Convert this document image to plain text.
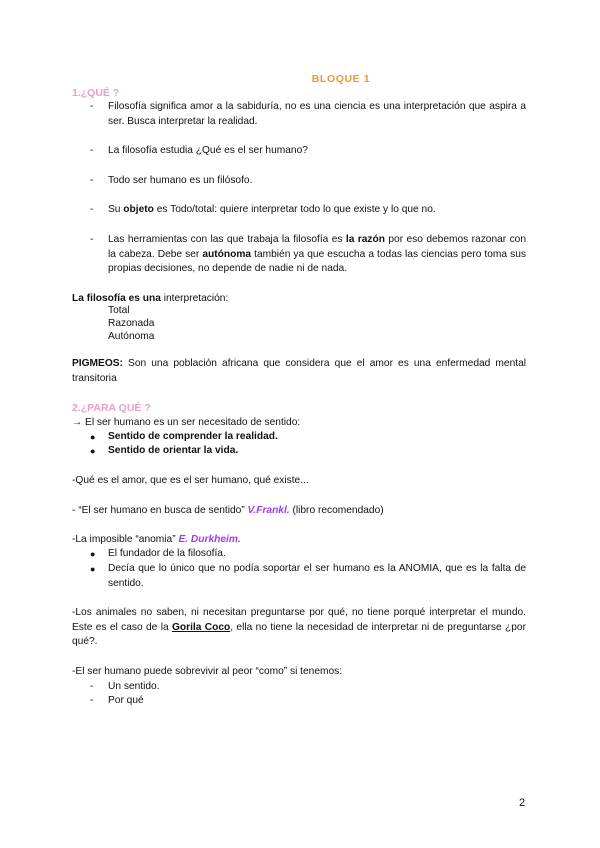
BLOQUE 1
1.¿QUÉ ?
- Filosofía significa amor a la sabiduría, no es una ciencia es una interpretación que aspira a ser. Busca interpretar la realidad.
- La filosofía estudia ¿Qué es el ser humano?
- Todo ser humano es un filósofo.
- Su objeto es Todo/total: quiere interpretar todo lo que existe y lo que no.
- Las herramientas con las que trabaja la filosofía es la razón por eso debemos razonar con la cabeza. Debe ser autónoma también ya que escucha a todas las ciencias pero toma sus propias decisiones, no depende de nadie ni de nada.
La filosofía es una interpretación:
Total
Razonada
Autónoma
PIGMEOS: Son una población africana que considera que el amor es una enfermedad mental transitoria
2.¿PARA QUÉ ?
→ El ser humano es un ser necesitado de sentido:
● Sentido de comprender la realidad.
● Sentido de orientar la vida.
-Qué es el amor, que es el ser humano, qué existe...
- “El ser humano en busca de sentido” V.Frankl. (libro recomendado)
-La imposible “anomia” E. Durkheim.
● El fundador de la filosofía.
● Decía que lo único que no podía soportar el ser humano es la ANOMIA, que es la falta de sentido.
-Los animales no saben, ni necesitan preguntarse por qué, no tiene porqué interpretar el mundo. Este es el caso de la Gorila Coco, ella no tiene la necesidad de interpretar ni de preguntarse ¿por qué?.
-El ser humano puede sobrevivir al peor “como” si tenemos:
- Un sentido.
- Por qué
2
